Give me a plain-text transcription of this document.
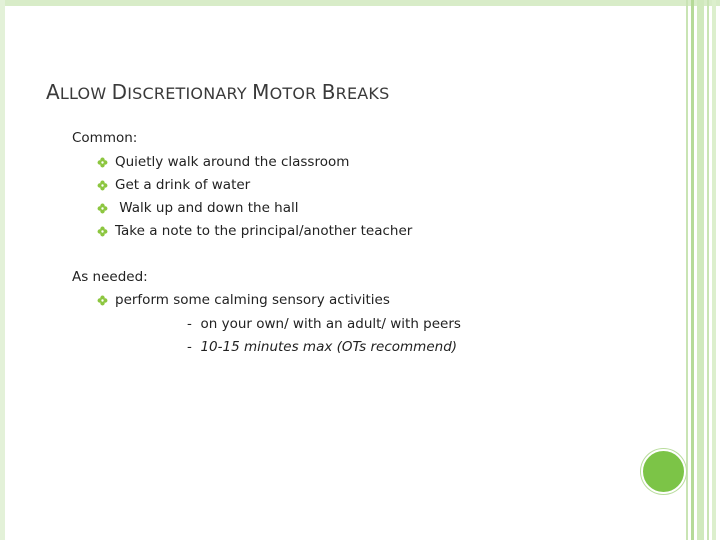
ALLOW DISCRETIONARY MOTOR BREAKS
Common:
Quietly walk around the classroom
Get a drink of water
Walk up and down the hall
Take a note to the principal/another teacher
As needed:
perform some calming sensory activities
-  on your own/ with an adult/ with peers
-  10-15 minutes max (OTs recommend)
